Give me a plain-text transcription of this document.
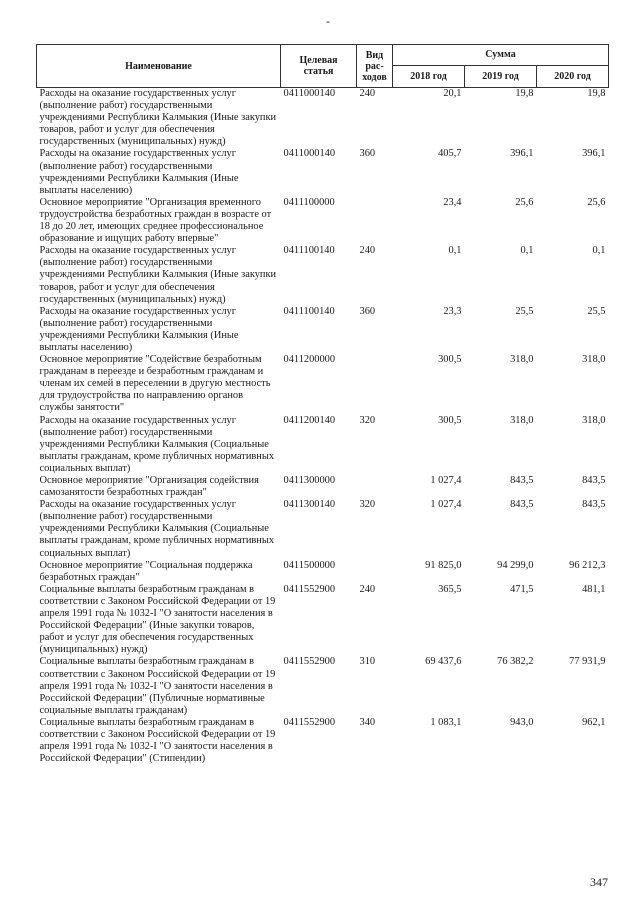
-
Наименование	Целевая статья	Вид рас-ходов	Сумма		
			2018 год	2019 год	2020 год
Расходы на оказание государственных услуг (выполнение работ) государственными учреждениями Республики Калмыкия (Иные закупки товаров, работ и услуг для обеспечения государственных (муниципальных) нужд)	0411000140	240	20,1	19,8	19,8
Расходы на оказание государственных услуг (выполнение работ) государственными учреждениями Республики Калмыкия (Иные выплаты населению)	0411000140	360	405,7	396,1	396,1
Основное мероприятие "Организация временного трудоустройства безработных граждан в возрасте от 18 до 20 лет, имеющих среднее профессиональное образование и ищущих работу впервые"	0411100000		23,4	25,6	25,6
Расходы на оказание государственных услуг (выполнение работ) государственными учреждениями Республики Калмыкия (Иные закупки товаров, работ и услуг для обеспечения государственных (муниципальных) нужд)	0411100140	240	0,1	0,1	0,1
Расходы на оказание государственных услуг (выполнение работ) государственными учреждениями Республики Калмыкия (Иные выплаты населению)	0411100140	360	23,3	25,5	25,5
Основное мероприятие "Содействие безработным гражданам в переезде и безработным гражданам и членам их семей в переселении в другую местность для трудоустройства по направлению органов службы занятости"	0411200000		300,5	318,0	318,0
Расходы на оказание государственных услуг (выполнение работ) государственными учреждениями Республики Калмыкия (Социальные выплаты гражданам, кроме публичных нормативных социальных выплат)	0411200140	320	300,5	318,0	318,0
Основное мероприятие "Организация содействия самозанятости безработных граждан"	0411300000		1 027,4	843,5	843,5
Расходы на оказание государственных услуг (выполнение работ) государственными учреждениями Республики Калмыкия (Социальные выплаты гражданам, кроме публичных нормативных социальных выплат)	0411300140	320	1 027,4	843,5	843,5
Основное мероприятие "Социальная поддержка безработных граждан"	0411500000		91 825,0	94 299,0	96 212,3
Социальные выплаты безработным гражданам в соответствии с Законом Российской Федерации от 19 апреля 1991 года № 1032-I "О занятости населения в Российской Федерации" (Иные закупки товаров, работ и услуг для обеспечения государственных (муниципальных) нужд)	0411552900	240	365,5	471,5	481,1
Социальные выплаты безработным гражданам в соответствии с Законом Российской Федерации от 19 апреля 1991 года № 1032-I "О занятости населения в Российской Федерации" (Публичные нормативные социальные выплаты гражданам)	0411552900	310	69 437,6	76 382,2	77 931,9
Социальные выплаты безработным гражданам в соответствии с Законом Российской Федерации от 19 апреля 1991 года № 1032-I "О занятости населения в Российской Федерации" (Стипендии)	0411552900	340	1 083,1	943,0	962,1
347
